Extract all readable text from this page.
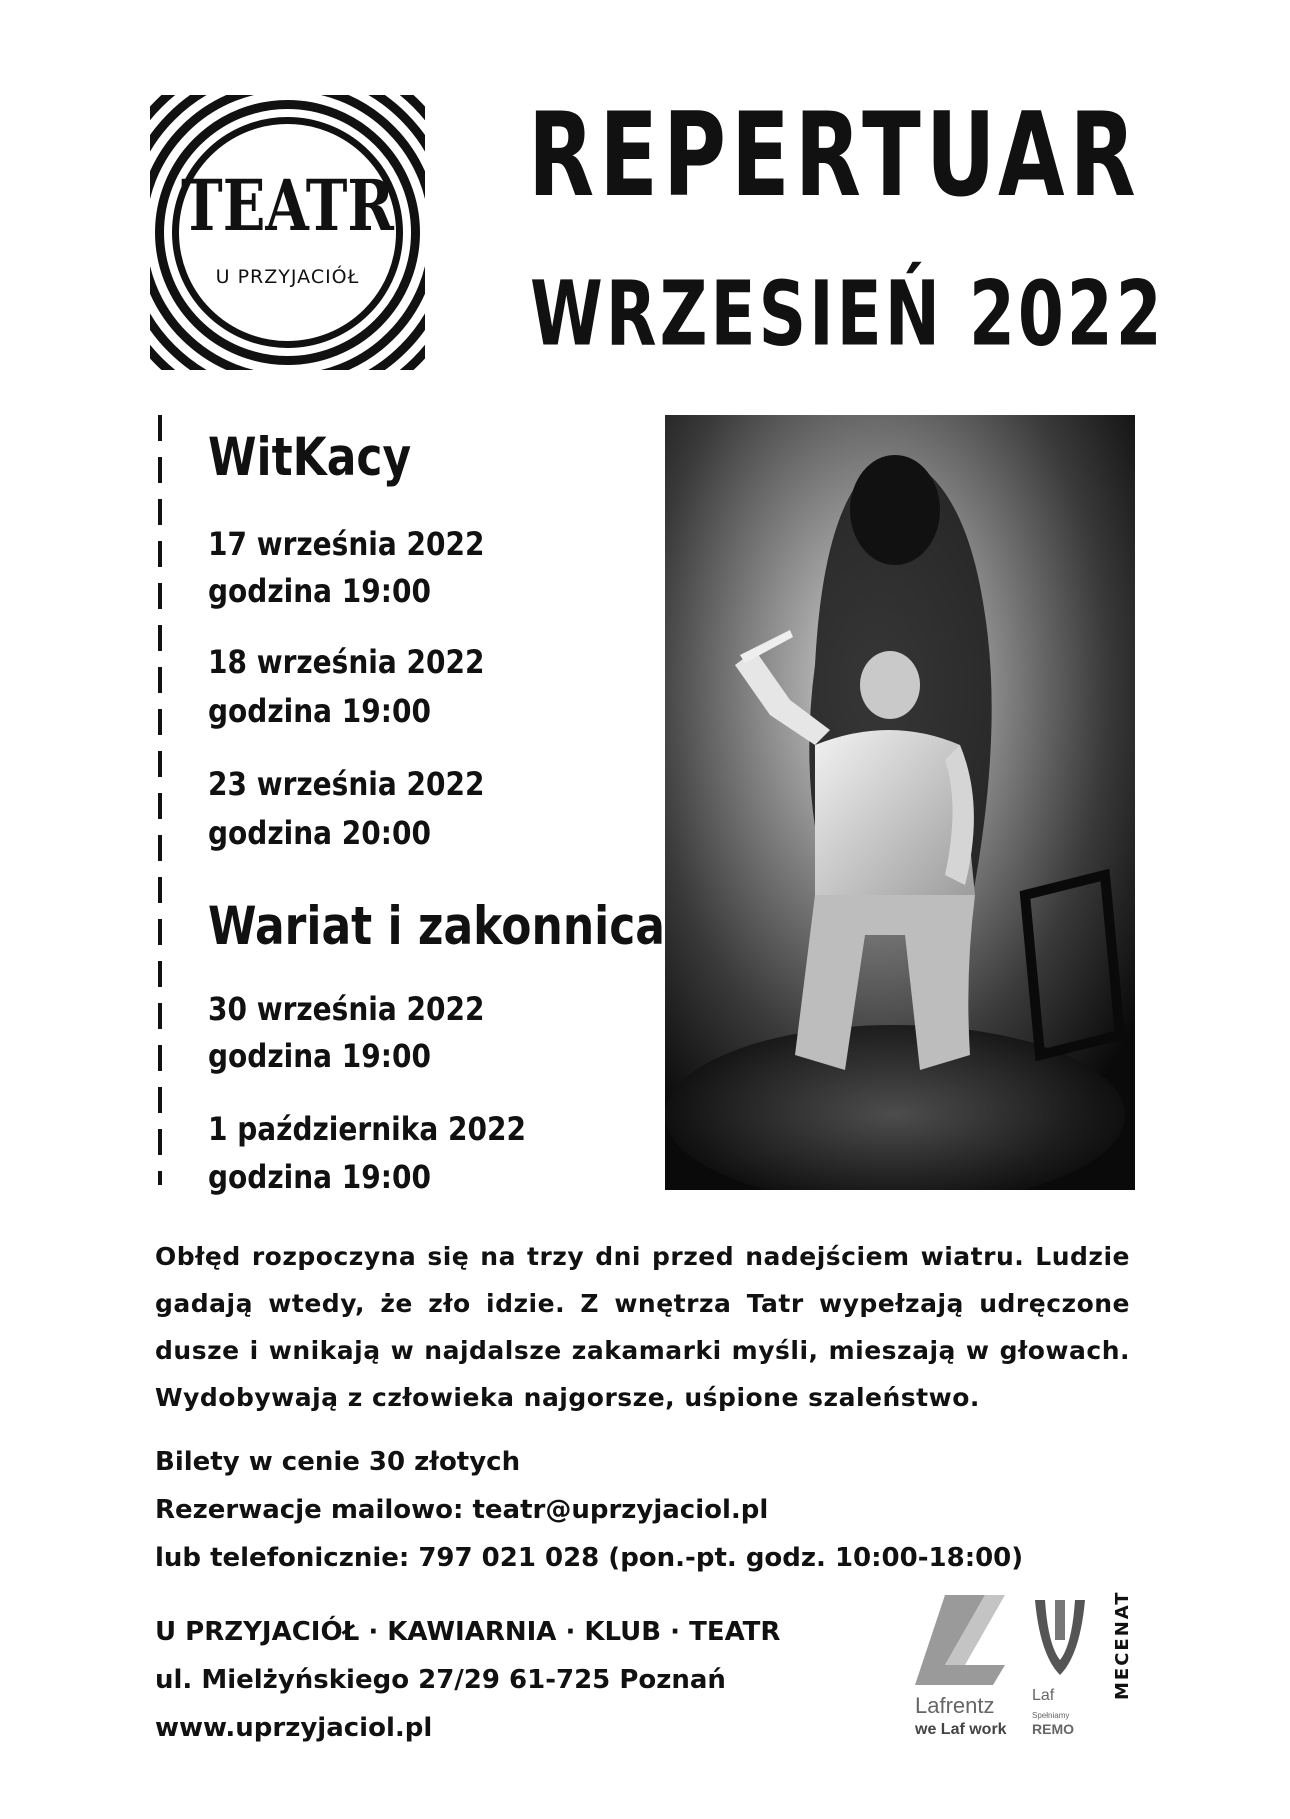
TEATR
U PRZYJACIÓŁ
REPERTUAR
WRZESIEŃ 2022
WitKacy
17 września 2022
godzina 19:00
18 września 2022
godzina 19:00
23 września 2022
godzina 20:00
Wariat i zakonnica
30 września 2022
godzina 19:00
1 października 2022
godzina 19:00
Obłęd rozpoczyna się na trzy dni przed nadejściem wiatru. Ludzie gadają wtedy, że zło idzie. Z wnętrza Tatr wypełzają udręczone dusze i wnikają w najdalsze zakamarki myśli, mieszają w głowach. Wydobywają z człowieka najgorsze, uśpione szaleństwo.
Bilety w cenie 30 złotych
Rezerwacje mailowo: teatr@uprzyjaciol.pl
lub telefonicznie: 797 021 028 (pon.-pt. godz. 10:00-18:00)
U PRZYJACIÓŁ · KAWIARNIA · KLUB · TEATR
ul. Mielżyńskiego 27/29 61-725 Poznań
www.uprzyjaciol.pl
Lafrentz
we Laf work
Laf
Spełniamy
REMO
MECENAT
